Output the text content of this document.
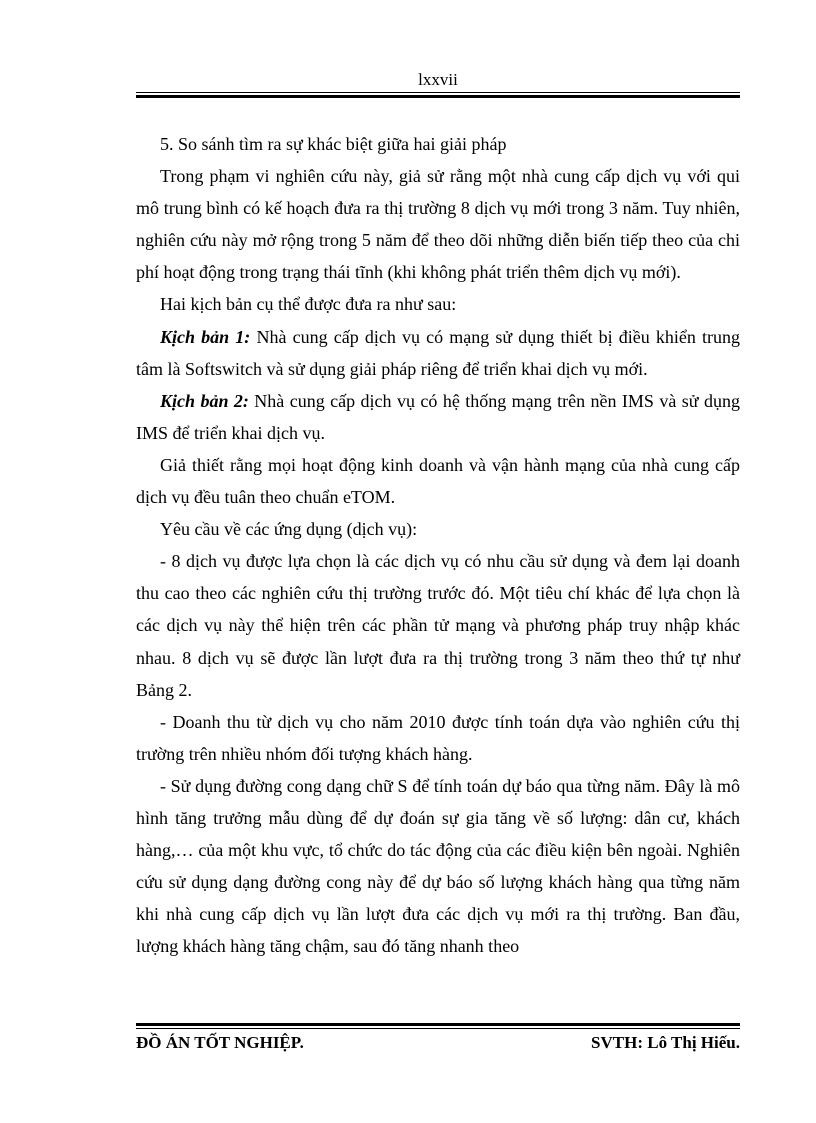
lxxvii

5. So sánh tìm ra sự khác biệt giữa hai giải pháp

Trong phạm vi nghiên cứu này, giả sử rằng một nhà cung cấp dịch vụ với qui mô trung bình có kế hoạch đưa ra thị trường 8 dịch vụ mới trong 3 năm. Tuy nhiên, nghiên cứu này mở rộng trong 5 năm để theo dõi những diễn biến tiếp theo của chi phí hoạt động trong trạng thái tĩnh (khi không phát triển thêm dịch vụ mới).

Hai kịch bản cụ thể được đưa ra như sau:

Kịch bản 1: Nhà cung cấp dịch vụ có mạng sử dụng thiết bị điều khiển trung tâm là Softswitch và sử dụng giải pháp riêng để triển khai dịch vụ mới.

Kịch bản 2: Nhà cung cấp dịch vụ có hệ thống mạng trên nền IMS và sử dụng IMS để triển khai dịch vụ.

Giả thiết rằng mọi hoạt động kinh doanh và vận hành mạng của nhà cung cấp dịch vụ đều tuân theo chuẩn eTOM.

Yêu cầu về các ứng dụng (dịch vụ):

- 8 dịch vụ được lựa chọn là các dịch vụ có nhu cầu sử dụng và đem lại doanh thu cao theo các nghiên cứu thị trường trước đó. Một tiêu chí khác để lựa chọn là các dịch vụ này thể hiện trên các phần tử mạng và phương pháp truy nhập khác nhau. 8 dịch vụ sẽ được lần lượt đưa ra thị trường trong 3 năm theo thứ tự như Bảng 2.

- Doanh thu từ dịch vụ cho năm 2010 được tính toán dựa vào nghiên cứu thị trường trên nhiều nhóm đối tượng khách hàng.

- Sử dụng đường cong dạng chữ S để tính toán dự báo qua từng năm. Đây là mô hình tăng trưởng mẫu dùng để dự đoán sự gia tăng về số lượng: dân cư, khách hàng,… của một khu vực, tổ chức do tác động của các điều kiện bên ngoài. Nghiên cứu sử dụng dạng đường cong này để dự báo số lượng khách hàng qua từng năm khi nhà cung cấp dịch vụ lần lượt đưa các dịch vụ mới ra thị trường. Ban đầu, lượng khách hàng tăng chậm, sau đó tăng nhanh theo

ĐỒ ÁN TỐT NGHIỆP.	SVTH: Lô Thị Hiếu.
